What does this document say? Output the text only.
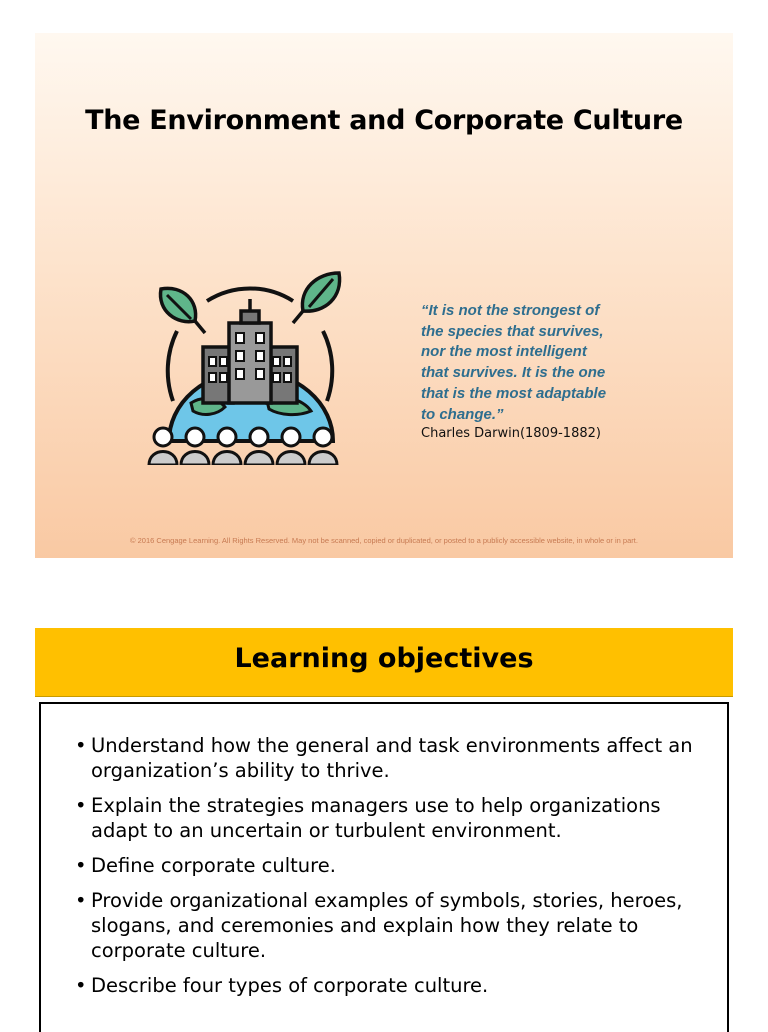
The Environment and Corporate Culture
“It is not the strongest of
the species that survives,
nor the most intelligent
that survives. It is the one
that is the most adaptable
to change.”
Charles Darwin(1809-1882)
© 2016 Cengage Learning. All Rights Reserved. May not be scanned, copied or duplicated, or posted to a publicly accessible website, in whole or in part.
Learning objectives
• Understand how the general and task environments affect an organization’s ability to thrive.
• Explain the strategies managers use to help organizations adapt to an uncertain or turbulent environment.
• Define corporate culture.
• Provide organizational examples of symbols, stories, heroes, slogans, and ceremonies and explain how they relate to corporate culture.
• Describe four types of corporate culture.
